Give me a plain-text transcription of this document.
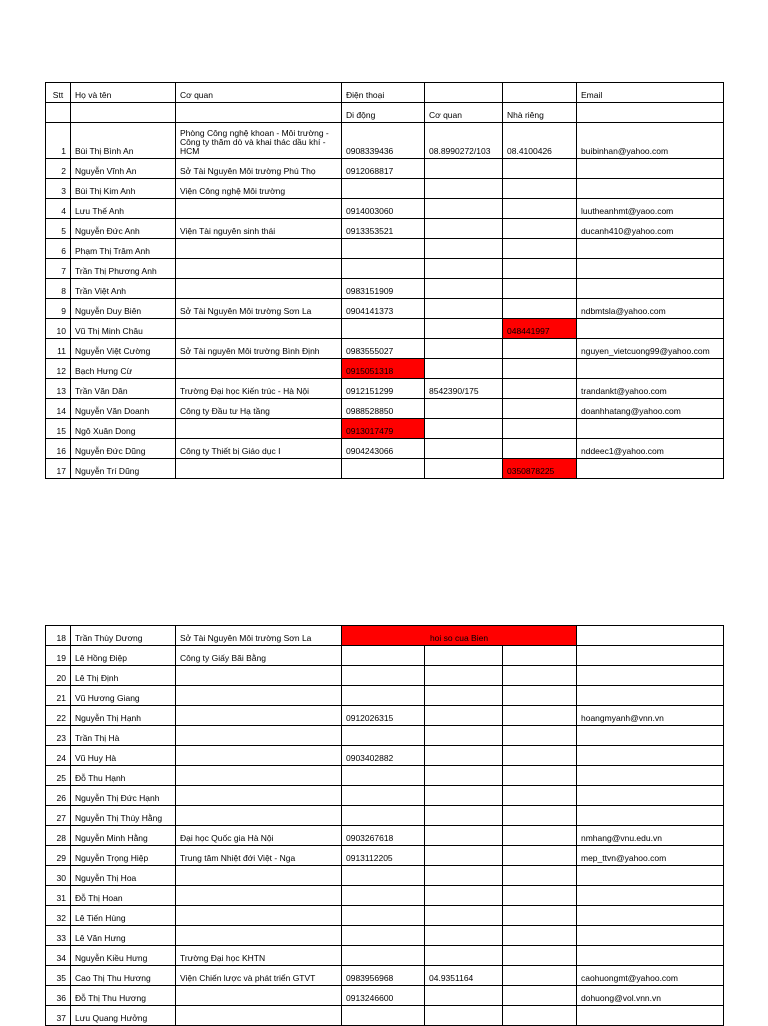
Stt	Họ và tên	Cơ quan	Điện thoại			Email
			Di động	Cơ quan	Nhà riêng	
1	Bùi Thị Bình An	Phòng Công nghệ khoan - Môi trường - Công ty thăm dò và khai thác dầu khí - HCM	0908339436	08.8990272/103	08.4100426	buibinhan@yahoo.com
2	Nguyễn Vĩnh An	Sở Tài Nguyên Môi trường Phú Thọ	0912068817			
3	Bùi Thị Kim Anh	Viện Công nghệ Môi trường				
4	Lưu Thế Anh		0914003060			luutheanhmt@yaoo.com
5	Nguyễn Đức Anh	Viện Tài nguyên sinh thái	0913353521			ducanh410@yahoo.com
6	Phạm Thị Trâm Anh					
7	Trần Thị Phương Anh					
8	Trần Việt Anh		0983151909			
9	Nguyễn Duy Biên	Sở Tài Nguyên Môi trường Sơn La	0904141373			ndbmtsla@yahoo.com
10	Vũ Thị Minh Châu				048441997	
11	Nguyễn Việt Cường	Sở Tài nguyên Môi trường Bình Định	0983555027			nguyen_vietcuong99@yahoo.com
12	Bạch Hưng Cừ		0915051318			
13	Trần Văn Dân	Trường Đại học Kiến trúc - Hà Nội	0912151299	8542390/175		trandankt@yahoo.com
14	Nguyễn Văn Doanh	Công ty Đầu tư Hạ tầng	0988528850			doanhhatang@yahoo.com
15	Ngô Xuân Dong		0913017479			
16	Nguyễn Đức Dũng	Công ty Thiết bị Giáo dục I	0904243066			nddeec1@yahoo.com
17	Nguyễn Trí Dũng				0350878225	
18	Trần Thùy Dương	Sở Tài Nguyên Môi trường Sơn La	hoi so cua Bien			
19	Lê Hồng Điệp	Công ty Giấy Bãi Bằng				
20	Lê Thị Định					
21	Vũ Hương Giang					
22	Nguyễn Thị Hạnh		0912026315			hoangmyanh@vnn.vn
23	Trần Thị Hà					
24	Vũ Huy Hà		0903402882			
25	Đỗ Thu Hạnh					
26	Nguyễn Thị Đức Hạnh					
27	Nguyễn Thị Thúy Hằng					
28	Nguyễn Minh Hằng	Đại học Quốc gia Hà Nội	0903267618			nmhang@vnu.edu.vn
29	Nguyễn Trọng Hiệp	Trung tâm Nhiệt đới Việt - Nga	0913112205			mep_ttvn@yahoo.com
30	Nguyễn Thị Hoa					
31	Đỗ Thị Hoan					
32	Lê Tiến Hùng					
33	Lê Văn Hưng					
34	Nguyễn Kiều Hưng	Trường Đại học KHTN				
35	Cao Thị Thu Hương	Viện Chiến lược và phát triển GTVT	0983956968	04.9351164		caohuongmt@yahoo.com
36	Đỗ Thị Thu Hương		0913246600			dohuong@vol.vnn.vn
37	Lưu Quang Hưởng					
